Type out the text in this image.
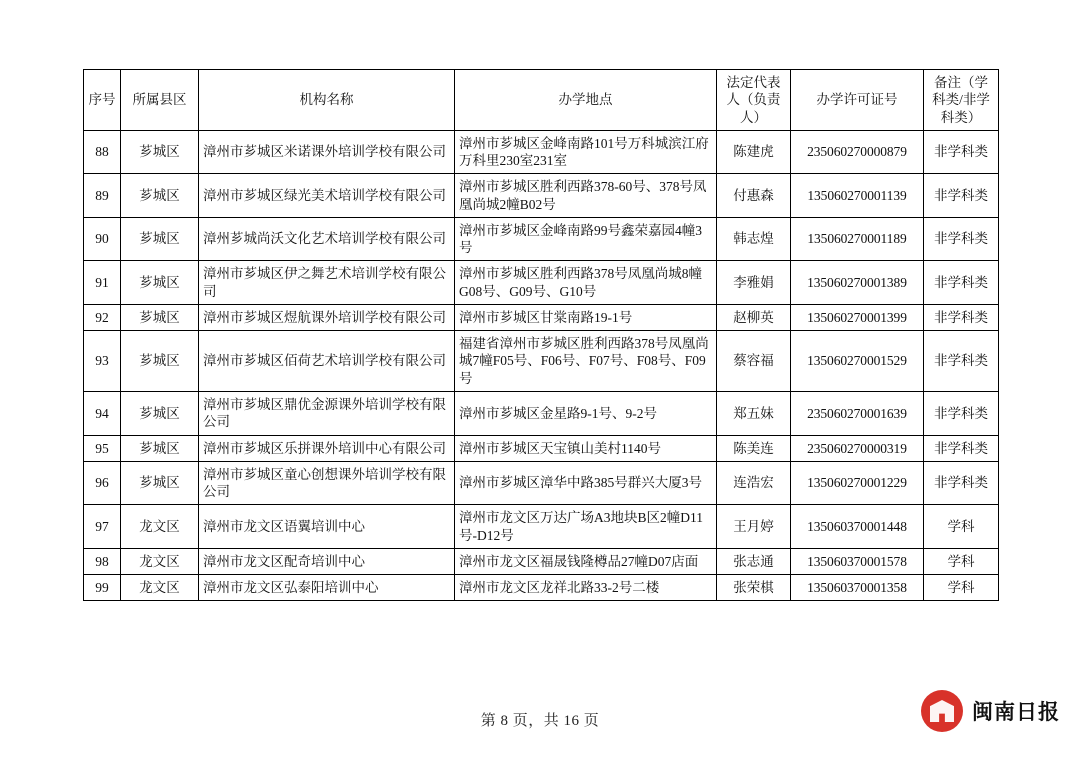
序号	所属县区	机构名称	办学地点	法定代表人（负责人）	办学许可证号	备注（学科类/非学科类）
88	芗城区	漳州市芗城区米诺课外培训学校有限公司	漳州市芗城区金峰南路101号万科城滨江府万科里230室231室	陈建虎	235060270000879	非学科类
89	芗城区	漳州市芗城区绿光美术培训学校有限公司	漳州市芗城区胜利西路378-60号、378号凤凰尚城2幢B02号	付惠森	135060270001139	非学科类
90	芗城区	漳州芗城尚沃文化艺术培训学校有限公司	漳州市芗城区金峰南路99号鑫荣嘉园4幢3号	韩志煌	135060270001189	非学科类
91	芗城区	漳州市芗城区伊之舞艺术培训学校有限公司	漳州市芗城区胜利西路378号凤凰尚城8幢G08号、G09号、G10号	李雅娟	135060270001389	非学科类
92	芗城区	漳州市芗城区煜航课外培训学校有限公司	漳州市芗城区甘棠南路19-1号	赵柳英	135060270001399	非学科类
93	芗城区	漳州市芗城区佰荷艺术培训学校有限公司	福建省漳州市芗城区胜利西路378号凤凰尚城7幢F05号、F06号、F07号、F08号、F09号	蔡容福	135060270001529	非学科类
94	芗城区	漳州市芗城区鼎优金源课外培训学校有限公司	漳州市芗城区金星路9-1号、9-2号	郑五妹	235060270001639	非学科类
95	芗城区	漳州市芗城区乐拼课外培训中心有限公司	漳州市芗城区天宝镇山美村1140号	陈美连	235060270000319	非学科类
96	芗城区	漳州市芗城区童心创想课外培训学校有限公司	漳州市芗城区漳华中路385号群兴大厦3号	连浩宏	135060270001229	非学科类
97	龙文区	漳州市龙文区语翼培训中心	漳州市龙文区万达广场A3地块B区2幢D11号-D12号	王月婷	135060370001448	学科
98	龙文区	漳州市龙文区配奇培训中心	漳州市龙文区福晟钱隆樽品27幢D07店面	张志通	135060370001578	学科
99	龙文区	漳州市龙文区弘泰阳培训中心	漳州市龙文区龙祥北路33-2号二楼	张荣棋	135060370001358	学科
第 8 页，共 16 页	闽南日报
